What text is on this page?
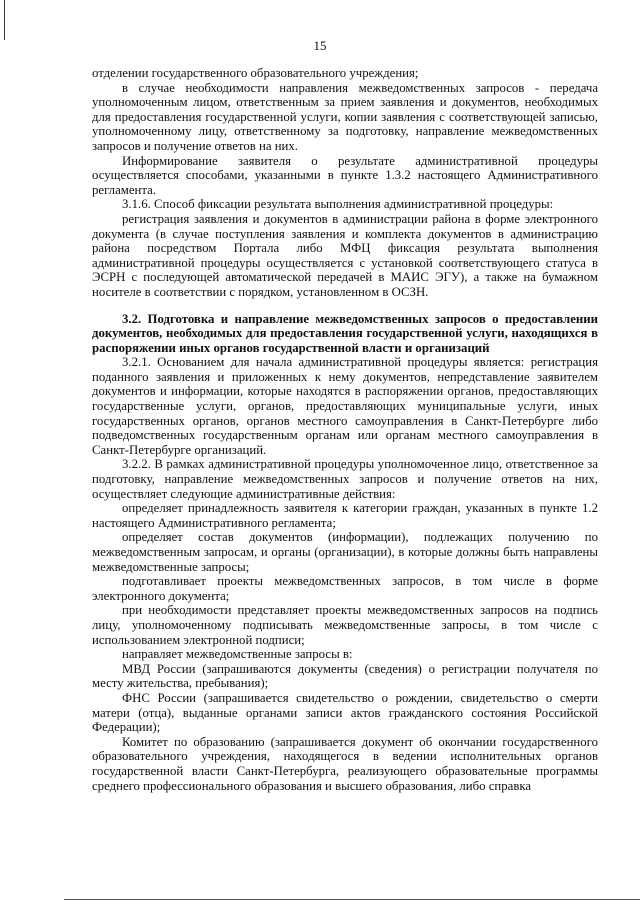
15

отделении государственного образовательного учреждения;

в случае необходимости направления межведомственных запросов - передача уполномоченным лицом, ответственным за прием заявления и документов, необходимых для предоставления государственной услуги, копии заявления с соответствующей записью, уполномоченному лицу, ответственному за подготовку, направление межведомственных запросов и получение ответов на них.

Информирование заявителя о результате административной процедуры осуществляется способами, указанными в пункте 1.3.2 настоящего Административного регламента.

3.1.6. Способ фиксации результата выполнения административной процедуры:

регистрация заявления и документов в администрации района в форме электронного документа (в случае поступления заявления и комплекта документов в администрацию района посредством Портала либо МФЦ фиксация результата выполнения административной процедуры осуществляется с установкой соответствующего статуса в ЭСРН с последующей автоматической передачей в МАИС ЭГУ), а также на бумажном носителе в соответствии с порядком, установленном в ОСЗН.

3.2. Подготовка и направление межведомственных запросов о предоставлении документов, необходимых для предоставления государственной услуги, находящихся в распоряжении иных органов государственной власти и организаций

3.2.1. Основанием для начала административной процедуры является: регистрация поданного заявления и приложенных к нему документов, непредставление заявителем документов и информации, которые находятся в распоряжении органов, предоставляющих государственные услуги, органов, предоставляющих муниципальные услуги, иных государственных органов, органов местного самоуправления в Санкт-Петербурге либо подведомственных государственным органам или органам местного самоуправления в Санкт-Петербурге организаций.

3.2.2. В рамках административной процедуры уполномоченное лицо, ответственное за подготовку, направление межведомственных запросов и получение ответов на них, осуществляет следующие административные действия:

определяет принадлежность заявителя к категории граждан, указанных в пункте 1.2 настоящего Административного регламента;

определяет состав документов (информации), подлежащих получению по межведомственным запросам, и органы (организации), в которые должны быть направлены межведомственные запросы;

подготавливает проекты межведомственных запросов, в том числе в форме электронного документа;

при необходимости представляет проекты межведомственных запросов на подпись лицу, уполномоченному подписывать межведомственные запросы, в том числе с использованием электронной подписи;

направляет межведомственные запросы в:

МВД России (запрашиваются документы (сведения) о регистрации получателя по месту жительства, пребывания);

ФНС России (запрашивается свидетельство о рождении, свидетельство о смерти матери (отца), выданные органами записи актов гражданского состояния Российской Федерации);

Комитет по образованию (запрашивается документ об окончании государственного образовательного учреждения, находящегося в ведении исполнительных органов государственной власти Санкт-Петербурга, реализующего образовательные программы среднего профессионального образования и высшего образования, либо справка
